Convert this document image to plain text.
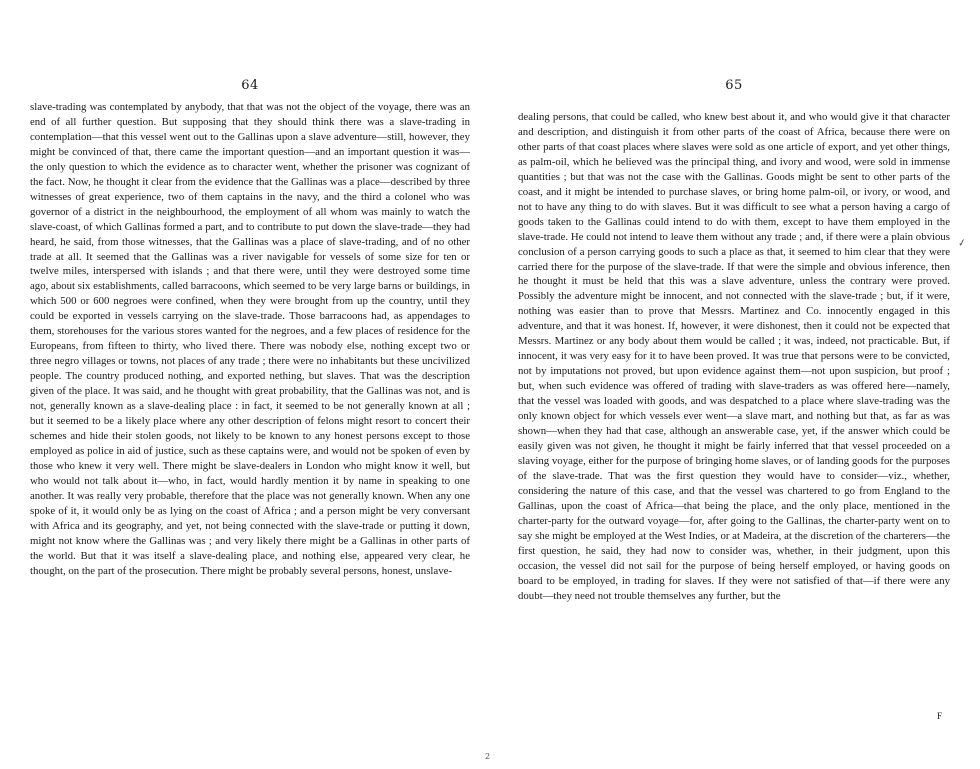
64
slave-trading was contemplated by anybody, that that was not the object of the voyage, there was an end of all further question. But supposing that they should think there was a slave-trading in contemplation—that this vessel went out to the Gallinas upon a slave adventure—still, however, they might be convinced of that, there came the important question—and an important question it was—the only question to which the evidence as to character went, whether the prisoner was cognizant of the fact. Now, he thought it clear from the evidence that the Gallinas was a place—described by three witnesses of great experience, two of them captains in the navy, and the third a colonel who was governor of a district in the neighbourhood, the employment of all whom was mainly to watch the slave-coast, of which Gallinas formed a part, and to contribute to put down the slave-trade—they had heard, he said, from those witnesses, that the Gallinas was a place of slave-trading, and of no other trade at all. It seemed that the Gallinas was a river navigable for vessels of some size for ten or twelve miles, interspersed with islands ; and that there were, until they were destroyed some time ago, about six establishments, called barracoons, which seemed to be very large barns or buildings, in which 500 or 600 negroes were confined, when they were brought from up the country, until they could be exported in vessels carrying on the slave-trade. Those barracoons had, as appendages to them, storehouses for the various stores wanted for the negroes, and a few places of residence for the Europeans, from fifteen to thirty, who lived there. There was nobody else, nothing except two or three negro villages or towns, not places of any trade ; there were no inhabitants but these uncivilized people. The country produced nothing, and exported nething, but slaves. That was the description given of the place. It was said, and he thought with great probability, that the Gallinas was not, and is not, generally known as a slave-dealing place : in fact, it seemed to be not generally known at all ; but it seemed to be a likely place where any other description of felons might resort to concert their schemes and hide their stolen goods, not likely to be known to any honest persons except to those employed as police in aid of justice, such as these captains were, and would not be spoken of even by those who knew it very well. There might be slave-dealers in London who might know it well, but who would not talk about it—who, in fact, would hardly mention it by name in speaking to one another. It was really very probable, therefore that the place was not generally known. When any one spoke of it, it would only be as lying on the coast of Africa ; and a person might be very conversant with Africa and its geography, and yet, not being connected with the slave-trade or putting it down, might not know where the Gallinas was ; and very likely there might be a Gallinas in other parts of the world. But that it was itself a slave-dealing place, and nothing else, appeared very clear, he thought, on the part of the prosecution. There might be probably several persons, honest, unslave-
65
dealing persons, that could be called, who knew best about it, and who would give it that character and description, and distinguish it from other parts of the coast of Africa, because there were on other parts of that coast places where slaves were sold as one article of export, and yet other things, as palm-oil, which he believed was the principal thing, and ivory and wood, were sold in immense quantities ; but that was not the case with the Gallinas. Goods might be sent to other parts of the coast, and it might be intended to purchase slaves, or bring home palm-oil, or ivory, or wood, and not to have any thing to do with slaves. But it was difficult to see what a person having a cargo of goods taken to the Gallinas could intend to do with them, except to have them employed in the slave-trade. He could not intend to leave them without any trade ; and, if there were a plain obvious conclusion of a person carrying goods to such a place as that, it seemed to him clear that they were carried there for the purpose of the slave-trade. If that were the simple and obvious inference, then he thought it must be held that this was a slave adventure, unless the contrary were proved. Possibly the adventure might be innocent, and not connected with the slave-trade ; but, if it were, nothing was easier than to prove that Messrs. Martinez and Co. innocently engaged in this adventure, and that it was honest. If, however, it were dishonest, then it could not be expected that Messrs. Martinez or any body about them would be called ; it was, indeed, not practicable. But, if innocent, it was very easy for it to have been proved. It was true that persons were to be convicted, not by imputations not proved, but upon evidence against them—not upon suspicion, but proof ; but, when such evidence was offered of trading with slave-traders as was offered here—namely, that the vessel was loaded with goods, and was despatched to a place where slave-trading was the only known object for which vessels ever went—a slave mart, and nothing but that, as far as was shown—when they had that case, although an answerable case, yet, if the answer which could be easily given was not given, he thought it might be fairly inferred that that vessel proceeded on a slaving voyage, either for the purpose of bringing home slaves, or of landing goods for the purposes of the slave-trade. That was the first question they would have to consider—viz., whether, considering the nature of this case, and that the vessel was chartered to go from England to the Gallinas, upon the coast of Africa—that being the place, and the only place, mentioned in the charter-party for the outward voyage—for, after going to the Gallinas, the charter-party went on to say she might be employed at the West Indies, or at Madeira, at the discretion of the charterers—the first question, he said, they had now to consider was, whether, in their judgment, upon this occasion, the vessel did not sail for the purpose of being herself employed, or having goods on board to be employed, in trading for slaves. If they were not satisfied of that—if there were any doubt—they need not trouble themselves any further, but the
F
2
✓
